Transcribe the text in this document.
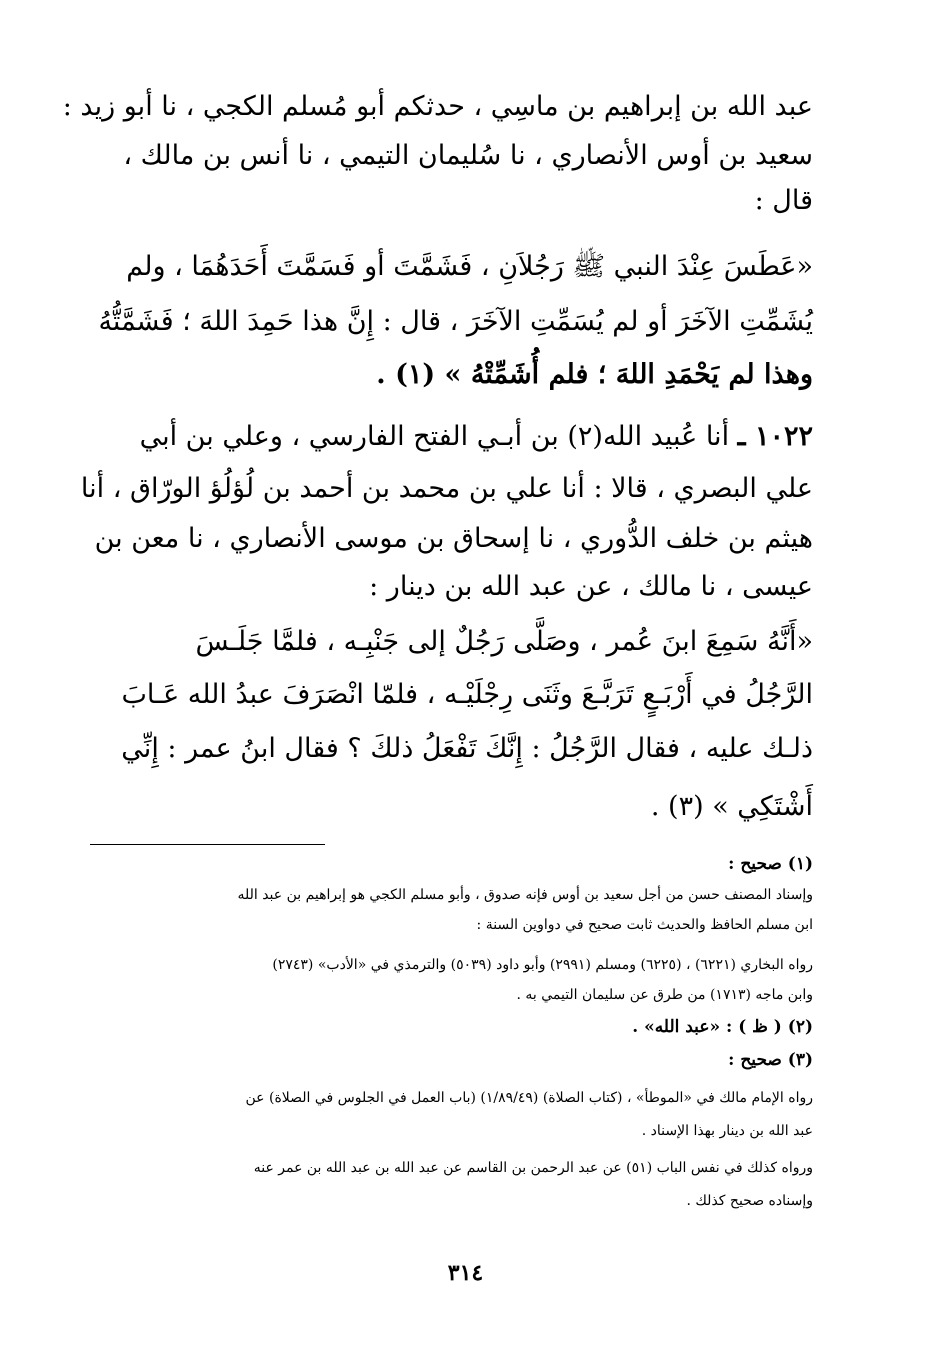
عبد الله بن إبراهيم بن ماسِي ، حدثكم أبو مُسلم الكجي ، نا أبو زيد :
سعيد بن أوس الأنصاري ، نا سُليمان التيمي ، نا أنس بن مالك ،
قال :
«عَطَسَ عِنْدَ النبي ﷺ رَجُلاَنِ ، فَشَمَّتَ أو فَسَمَّتَ أَحَدَهُمَا ، ولم
يُشَمِّتِ الآخَرَ أو لم يُسَمِّتِ الآخَرَ ، قال : إِنَّ هذا حَمِدَ اللهَ ؛ فَشَمَّتُّهُ
وهذا لم يَحْمَدِ اللهَ ؛ فلم أُشَمِّتْهُ » (١) .
١٠٢٢ ـ أنا عُبيد الله(٢) بن أبـي الفتح الفارسي ، وعلي بن أبي
علي البصري ، قالا : أنا علي بن محمد بن أحمد بن لُؤلُؤ الورّاق ، أنا
هيثم بن خلف الدُّوري ، نا إسحاق بن موسى الأنصاري ، نا معن بن
عيسى ، نا مالك ، عن عبد الله بن دينار :
«أَنَّهُ سَمِعَ ابنَ عُمر ، وصَلَّى رَجُلٌ إلى جَنْبِـه ، فلمَّا جَلَـسَ
الرَّجُلُ في أَرْبَـعٍ تَرَبَّـعَ وثَنَى رِجْلَيْـه ، فلمّا انْصَرَفَ عبدُ الله عَـابَ
ذلـك عليه ، فقال الرَّجُلُ : إِنَّكَ تَفْعَلُ ذلكَ ؟ فقال ابنُ عمر : إِنِّي
أَشْتَكِي » (٣) .
(١) صحيح :
وإسناد المصنف حسن من أجل سعيد بن أوس فإنه صدوق ، وأبو مسلم الكجي هو إبراهيم بن عبد الله
ابن مسلم الحافظ والحديث ثابت صحيح في دواوين السنة :
رواه البخاري (٦٢٢١) ، (٦٢٢٥) ومسلم (٢٩٩١) وأبو داود (٥٠٣٩) والترمذي في «الأدب» (٢٧٤٣)
وابن ماجه (١٧١٣) من طرق عن سليمان التيمي به .
(٢) ( ظ ) : «عبد الله» .
(٣) صحيح :
رواه الإمام مالك في «الموطأ» ، (كتاب الصلاة) (١/٨٩/٤٩) (باب العمل في الجلوس في الصلاة) عن
عبد الله بن دينار بهذا الإسناد .
ورواه كذلك في نفس الباب (٥١) عن عبد الرحمن بن القاسم عن عبد الله بن عبد الله بن عمر عنه
وإسناده صحيح كذلك .
٣١٤
